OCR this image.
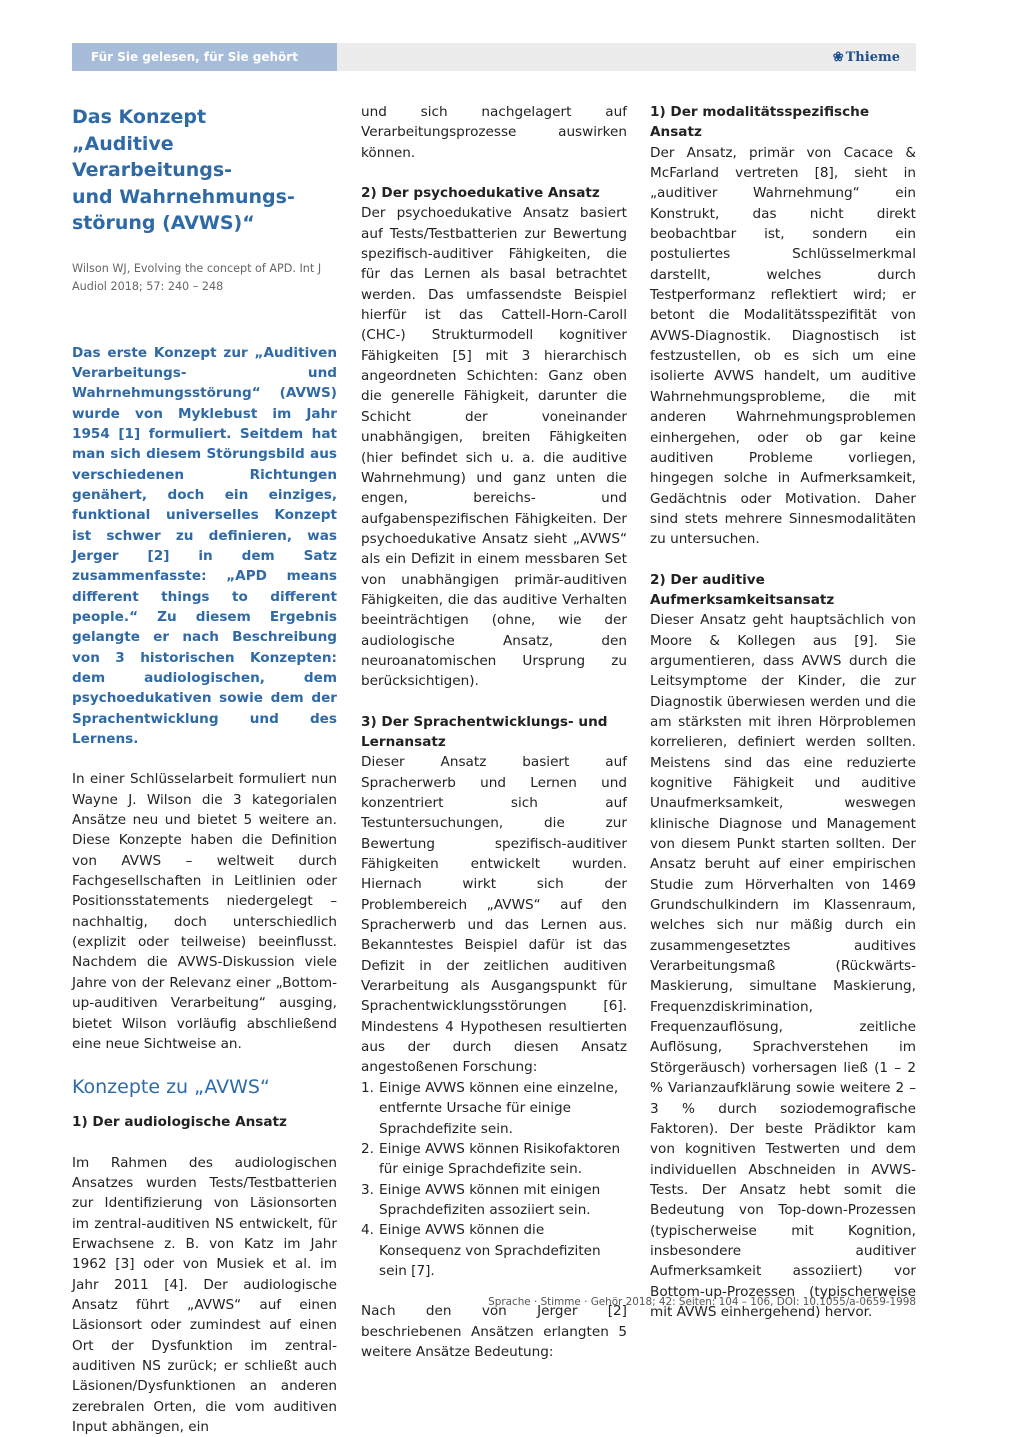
Für Sie gelesen, für Sie gehört	❀ Thieme
Das Konzept
„Auditive Verarbeitungs-
und Wahrnehmungs-
störung (AVWS)“
Wilson WJ, Evolving the concept of APD. Int J
Audiol 2018; 57: 240 – 248

Das erste Konzept zur „Auditiven Verarbeitungs- und Wahrnehmungsstörung“ (AVWS) wurde von Myklebust im Jahr 1954 [1] formuliert. Seitdem hat man sich diesem Störungsbild aus verschiedenen Richtungen genähert, doch ein einziges, funktional universelles Konzept ist schwer zu definieren, was Jerger [2] in dem Satz zusammenfasste: „APD means different things to different people.“ Zu diesem Ergebnis gelangte er nach Beschreibung von 3 historischen Konzepten: dem audiologischen, dem psychoedukativen sowie dem der Sprachentwicklung und des Lernens.

In einer Schlüsselarbeit formuliert nun Wayne J. Wilson die 3 kategorialen Ansätze neu und bietet 5 weitere an. Diese Konzepte haben die Definition von AVWS – weltweit durch Fachgesellschaften in Leitlinien oder Positionsstatements niedergelegt – nachhaltig, doch unterschiedlich (explizit oder teilweise) beeinflusst. Nachdem die AVWS-Diskussion viele Jahre von der Relevanz einer „Bottom-up-auditiven Verarbeitung“ ausging, bietet Wilson vorläufig abschließend eine neue Sichtweise an.

Konzepte zu „AVWS“
1) Der audiologische Ansatz

Im Rahmen des audiologischen Ansatzes wurden Tests/Testbatterien zur Identifizierung von Läsionsorten im zentral-auditiven NS entwickelt, für Erwachsene z. B. von Katz im Jahr 1962 [3] oder von Musiek et al. im Jahr 2011 [4]. Der audiologische Ansatz führt „AVWS“ auf einen Läsionsort oder zumindest auf einen Ort der Dysfunktion im zentral-auditiven NS zurück; er schließt auch Läsionen/Dysfunktionen an anderen zerebralen Orten, die vom auditiven Input abhängen, ein

und sich nachgelagert auf Verarbeitungsprozesse auswirken können.

2) Der psychoedukative Ansatz

Der psychoedukative Ansatz basiert auf Tests/Testbatterien zur Bewertung spezifisch-auditiver Fähigkeiten, die für das Lernen als basal betrachtet werden. Das umfassendste Beispiel hierfür ist das Cattell-Horn-Caroll (CHC-) Strukturmodell kognitiver Fähigkeiten [5] mit 3 hierarchisch angeordneten Schichten: Ganz oben die generelle Fähigkeit, darunter die Schicht der voneinander unabhängigen, breiten Fähigkeiten (hier befindet sich u. a. die auditive Wahrnehmung) und ganz unten die engen, bereichs- und aufgabenspezifischen Fähigkeiten. Der psychoedukative Ansatz sieht „AVWS“ als ein Defizit in einem messbaren Set von unabhängigen primär-auditiven Fähigkeiten, die das auditive Verhalten beeinträchtigen (ohne, wie der audiologische Ansatz, den neuroanatomischen Ursprung zu berücksichtigen).

3) Der Sprachentwicklungs- und Lernansatz

Dieser Ansatz basiert auf Spracherwerb und Lernen und konzentriert sich auf Testuntersuchungen, die zur Bewertung spezifisch-auditiver Fähigkeiten entwickelt wurden. Hiernach wirkt sich der Problembereich „AVWS“ auf den Spracherwerb und das Lernen aus. Bekanntestes Beispiel dafür ist das Defizit in der zeitlichen auditiven Verarbeitung als Ausgangspunkt für Sprachentwicklungsstörungen [6]. Mindestens 4 Hypothesen resultierten aus der durch diesen Ansatz angestoßenen Forschung:

1. Einige AVWS können eine einzelne, entfernte Ursache für einige Sprachdefizite sein.
2. Einige AVWS können Risikofaktoren für einige Sprachdefizite sein.
3. Einige AVWS können mit einigen Sprachdefiziten assoziiert sein.
4. Einige AVWS können die Konsequenz von Sprachdefiziten sein [7].

Nach den von Jerger [2] beschriebenen Ansätzen erlangten 5 weitere Ansätze Bedeutung:

1) Der modalitätsspezifische Ansatz

Der Ansatz, primär von Cacace & McFarland vertreten [8], sieht in „auditiver Wahrnehmung“ ein Konstrukt, das nicht direkt beobachtbar ist, sondern ein postuliertes Schlüsselmerkmal darstellt, welches durch Testperformanz reflektiert wird; er betont die Modalitätsspezifität von AVWS-Diagnostik. Diagnostisch ist festzustellen, ob es sich um eine isolierte AVWS handelt, um auditive Wahrnehmungsprobleme, die mit anderen Wahrnehmungsproblemen einhergehen, oder ob gar keine auditiven Probleme vorliegen, hingegen solche in Aufmerksamkeit, Gedächtnis oder Motivation. Daher sind stets mehrere Sinnesmodalitäten zu untersuchen.

2) Der auditive Aufmerksamkeitsansatz

Dieser Ansatz geht hauptsächlich von Moore & Kollegen aus [9]. Sie argumentieren, dass AVWS durch die Leitsymptome der Kinder, die zur Diagnostik überwiesen werden und die am stärksten mit ihren Hörproblemen korrelieren, definiert werden sollten. Meistens sind das eine reduzierte kognitive Fähigkeit und auditive Unaufmerksamkeit, weswegen klinische Diagnose und Management von diesem Punkt starten sollten. Der Ansatz beruht auf einer empirischen Studie zum Hörverhalten von 1469 Grundschulkindern im Klassenraum, welches sich nur mäßig durch ein zusammengesetztes auditives Verarbeitungsmaß (Rückwärts-Maskierung, simultane Maskierung, Frequenzdiskrimination, Frequenzauflösung, zeitliche Auflösung, Sprachverstehen im Störgeräusch) vorhersagen ließ (1 – 2 % Varianzaufklärung sowie weitere 2 – 3 % durch soziodemografische Faktoren). Der beste Prädiktor kam von kognitiven Testwerten und dem individuellen Abschneiden in AVWS-Tests. Der Ansatz hebt somit die Bedeutung von Top-down-Prozessen (typischerweise mit Kognition, insbesondere auditiver Aufmerksamkeit assoziiert) vor Bottom-up-Prozessen (typischerweise mit AVWS einhergehend) hervor.

Sprache · Stimme · Gehör 2018; 42: Seiten: 104 – 106, DOI: 10.1055/a-0659-1998
